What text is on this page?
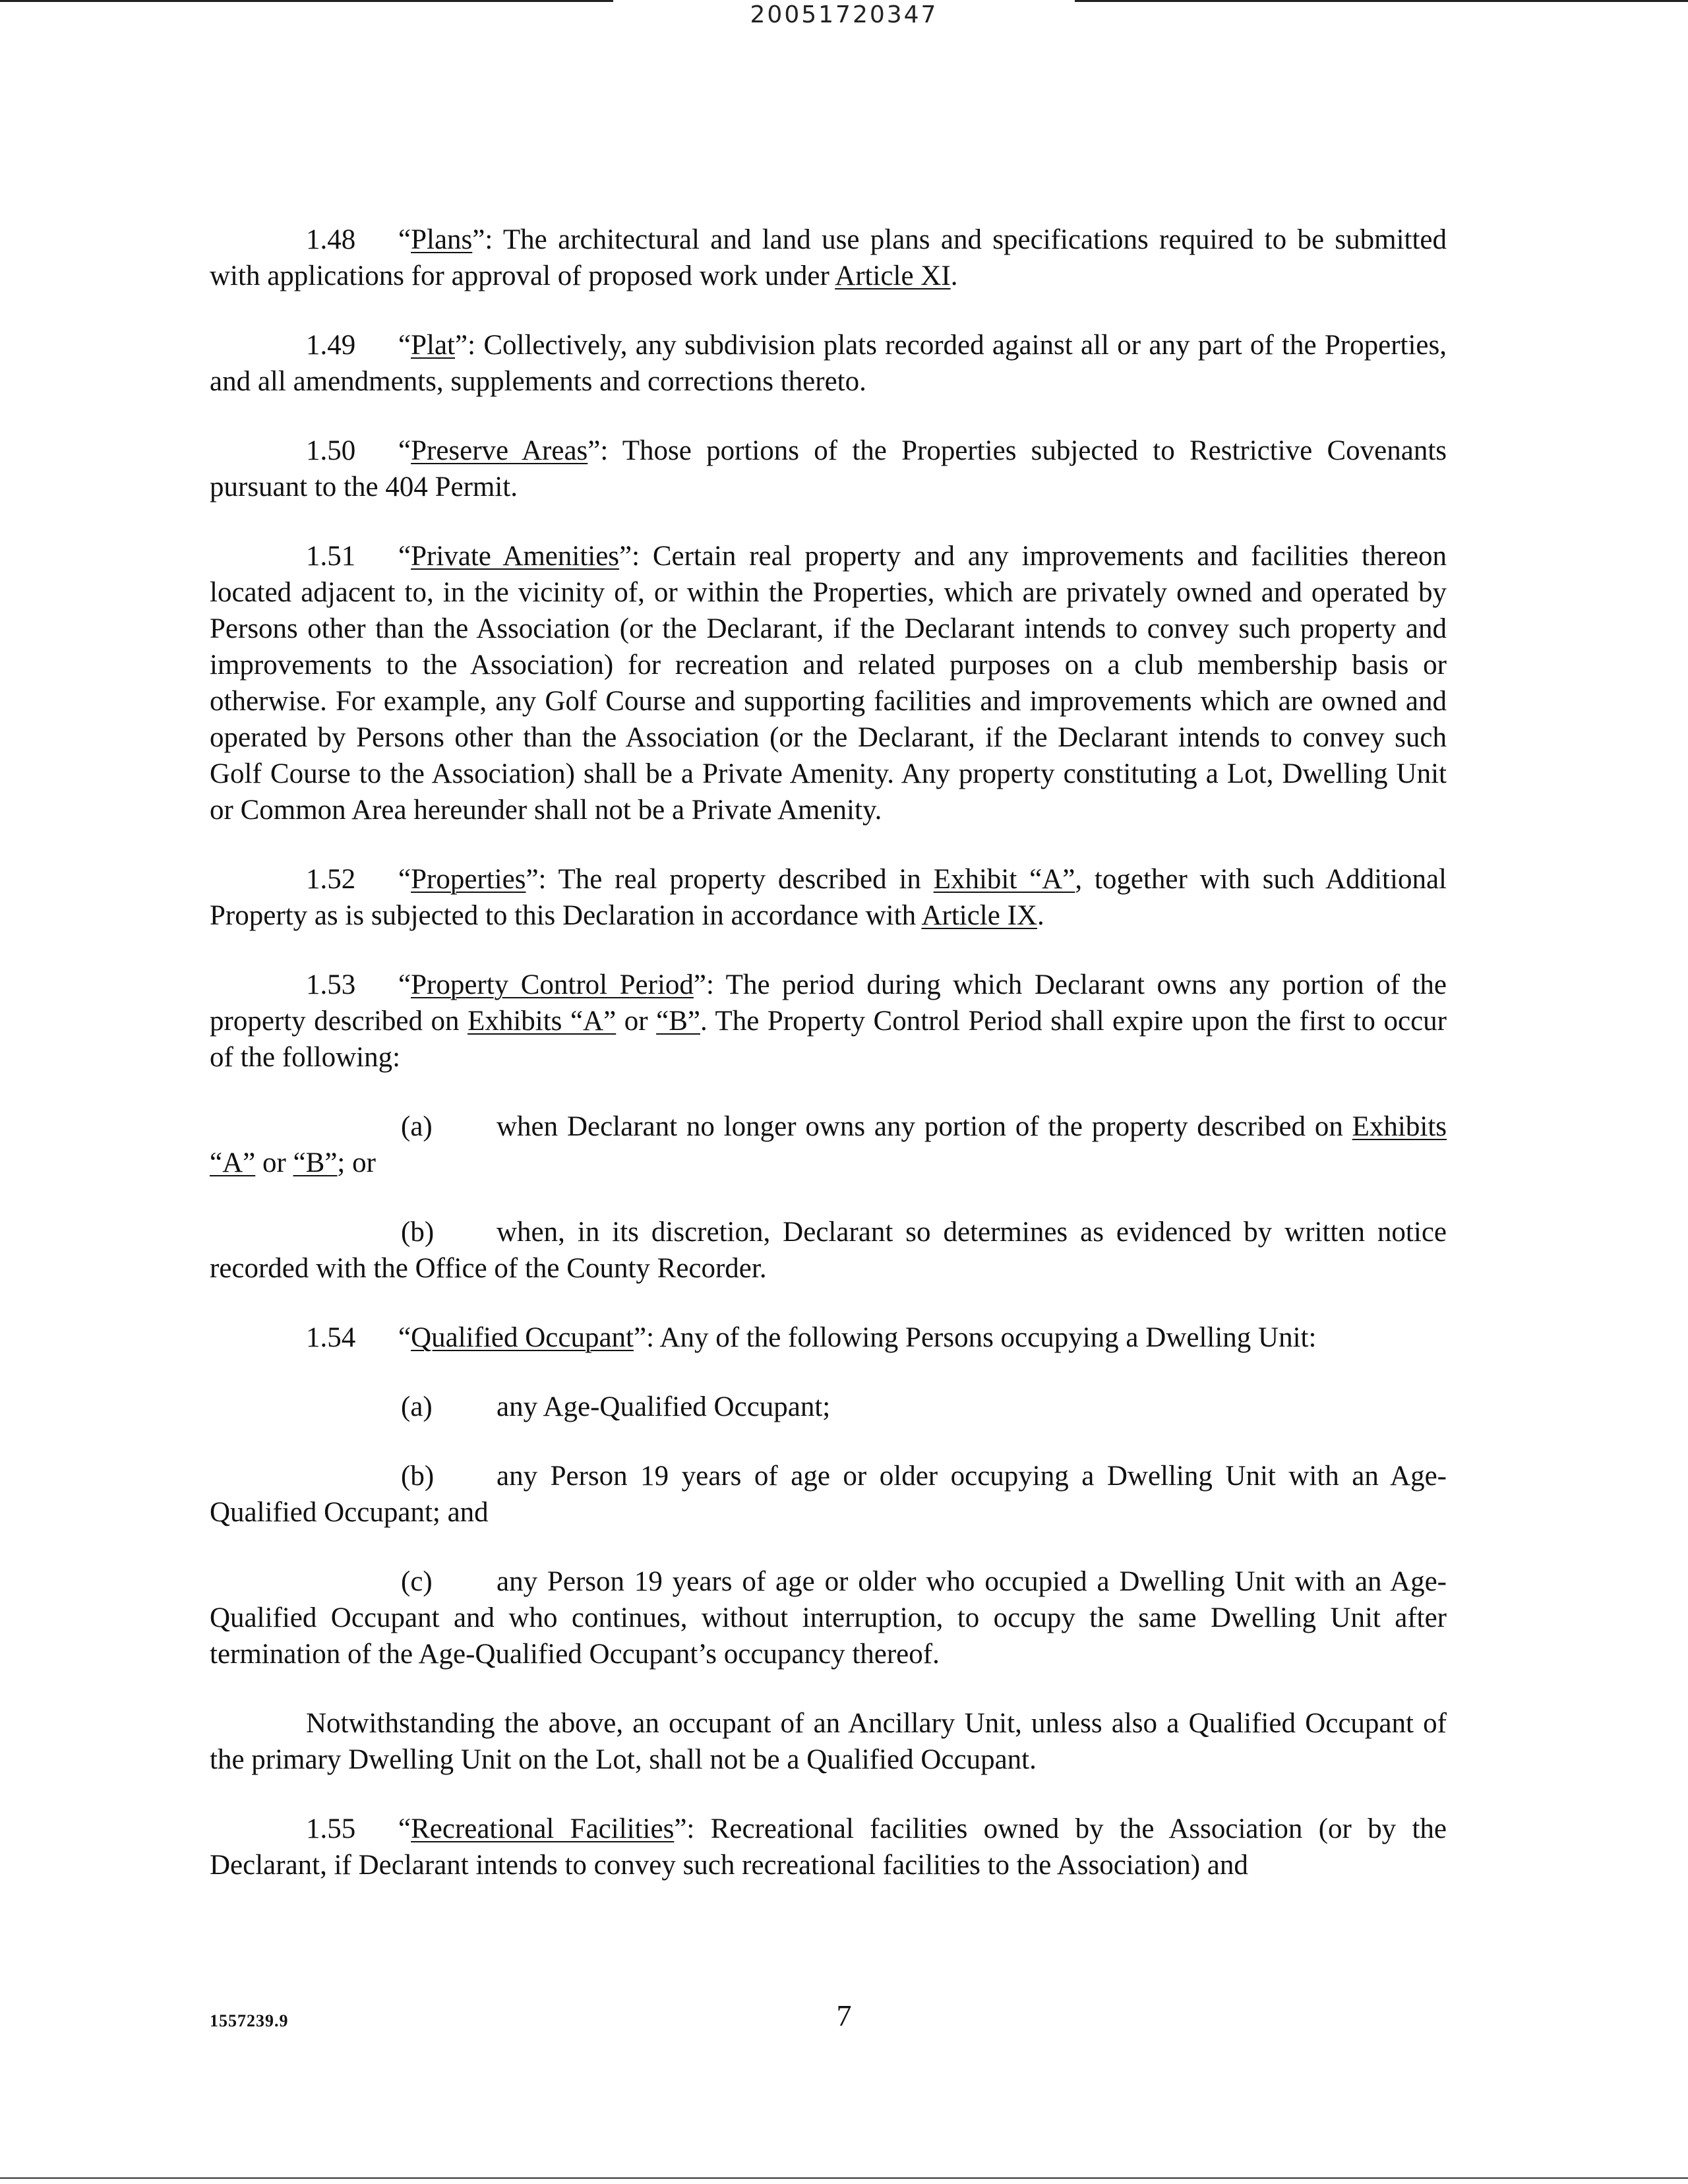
20051720347

1.48 “Plans”: The architectural and land use plans and specifications required to be submitted with applications for approval of proposed work under Article XI.

1.49 “Plat”: Collectively, any subdivision plats recorded against all or any part of the Properties, and all amendments, supplements and corrections thereto.

1.50 “Preserve Areas”: Those portions of the Properties subjected to Restrictive Covenants pursuant to the 404 Permit.

1.51 “Private Amenities”: Certain real property and any improvements and facilities thereon located adjacent to, in the vicinity of, or within the Properties, which are privately owned and operated by Persons other than the Association (or the Declarant, if the Declarant intends to convey such property and improvements to the Association) for recreation and related purposes on a club membership basis or otherwise. For example, any Golf Course and supporting facilities and improvements which are owned and operated by Persons other than the Association (or the Declarant, if the Declarant intends to convey such Golf Course to the Association) shall be a Private Amenity. Any property constituting a Lot, Dwelling Unit or Common Area hereunder shall not be a Private Amenity.

1.52 “Properties”: The real property described in Exhibit “A”, together with such Additional Property as is subjected to this Declaration in accordance with Article IX.

1.53 “Property Control Period”: The period during which Declarant owns any portion of the property described on Exhibits “A” or “B”. The Property Control Period shall expire upon the first to occur of the following:

(a) when Declarant no longer owns any portion of the property described on Exhibits “A” or “B”; or

(b) when, in its discretion, Declarant so determines as evidenced by written notice recorded with the Office of the County Recorder.

1.54 “Qualified Occupant”: Any of the following Persons occupying a Dwelling Unit:

(a) any Age-Qualified Occupant;

(b) any Person 19 years of age or older occupying a Dwelling Unit with an Age-Qualified Occupant; and

(c) any Person 19 years of age or older who occupied a Dwelling Unit with an Age-Qualified Occupant and who continues, without interruption, to occupy the same Dwelling Unit after termination of the Age-Qualified Occupant’s occupancy thereof.

Notwithstanding the above, an occupant of an Ancillary Unit, unless also a Qualified Occupant of the primary Dwelling Unit on the Lot, shall not be a Qualified Occupant.

1.55 “Recreational Facilities”: Recreational facilities owned by the Association (or by the Declarant, if Declarant intends to convey such recreational facilities to the Association) and

1557239.9	7
